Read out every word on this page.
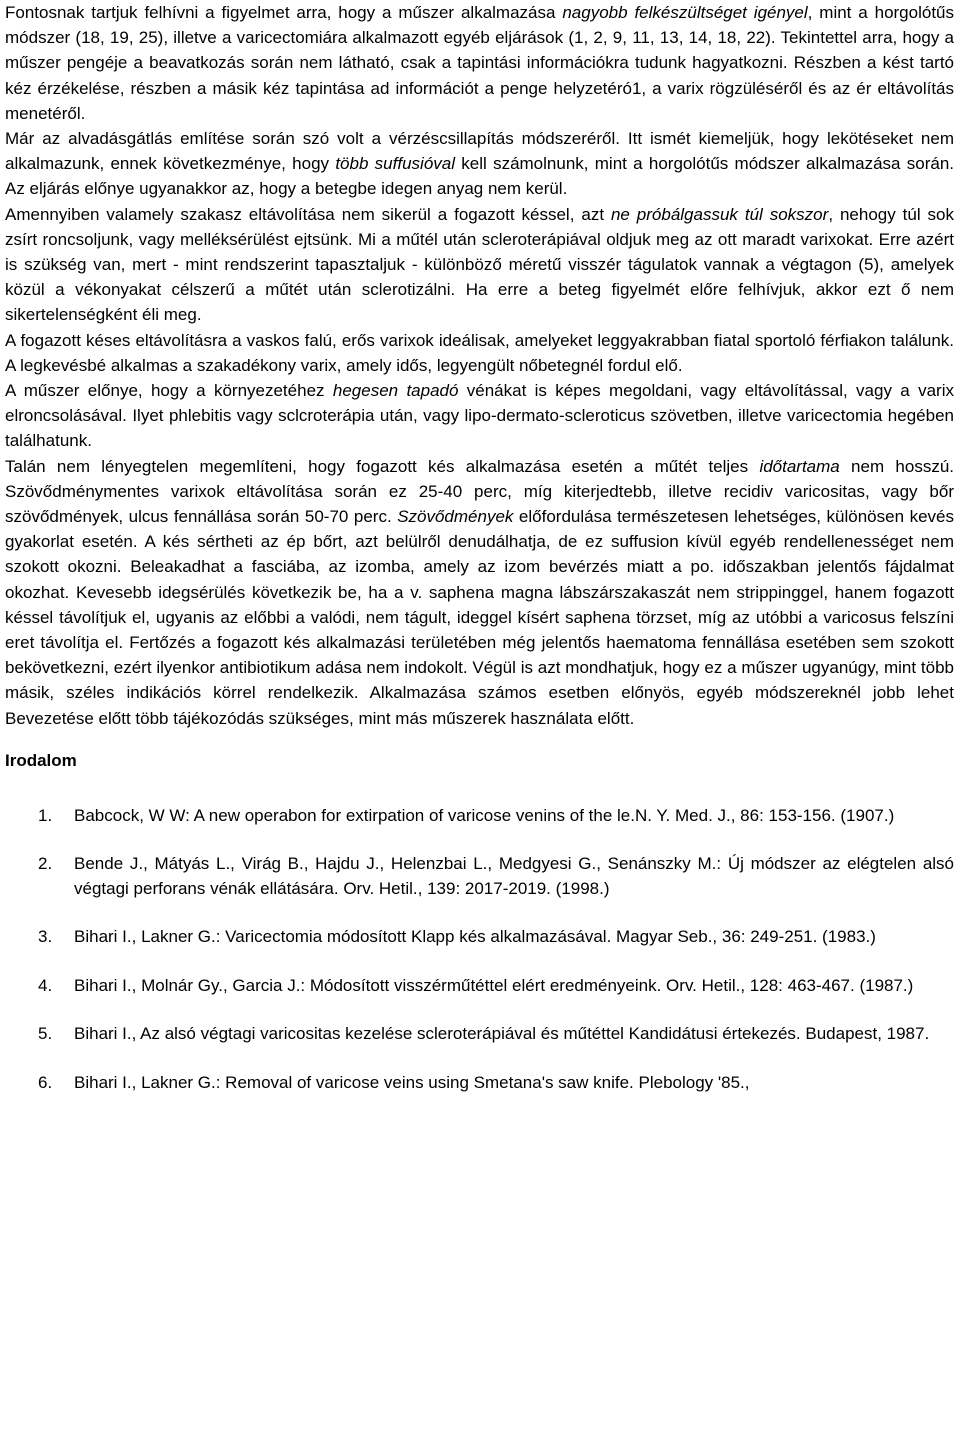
Fontosnak tartjuk felhívni a figyelmet arra, hogy a műszer alkalmazása nagyobb felkészültséget igényel, mint a horgolótűs módszer (18, 19, 25), illetve a varicectomiára alkalmazott egyéb eljárások (1, 2, 9, 11, 13, 14, 18, 22). Tekintettel arra, hogy a műszer pengéje a beavatkozás során nem látható, csak a tapintási információkra tudunk hagyatkozni. Részben a kést tartó kéz érzékelése, részben a másik kéz tapintása ad információt a penge helyzetéró1, a varix rögzüléséről és az ér eltávolítás menetéről.

Már az alvadásgátlás említése során szó volt a vérzéscsillapítás módszeréről. Itt ismét kiemeljük, hogy lekötéseket nem alkalmazunk, ennek következménye, hogy több suffusióval kell számolnunk, mint a horgolótűs módszer alkalmazása során. Az eljárás előnye ugyanakkor az, hogy a betegbe idegen anyag nem kerül.

Amennyiben valamely szakasz eltávolítása nem sikerül a fogazott késsel, azt ne próbálgassuk túl sokszor, nehogy túl sok zsírt roncsoljunk, vagy melléksérülést ejtsünk. Mi a műtél után scleroterápiával oldjuk meg az ott maradt varixokat. Erre azért is szükség van, mert - mint rendszerint tapasztaljuk - különböző méretű visszér tágulatok vannak a végtagon (5), amelyek közül a vékonyakat célszerű a műtét után sclerotizálni. Ha erre a beteg figyelmét előre felhívjuk, akkor ezt ő nem sikertelenségként éli meg.

A fogazott késes eltávolításra a vaskos falú, erős varixok ideálisak, amelyeket leggyakrabban fiatal sportoló férfiakon találunk. A legkevésbé alkalmas a szakadékony varix, amely idős, legyengült nőbetegnél fordul elő.

A műszer előnye, hogy a környezetéhez hegesen tapadó vénákat is képes megoldani, vagy eltávolítással, vagy a varix elroncsolásával. Ilyet phlebitis vagy sclcroterápia után, vagy lipo-dermato-scleroticus szövetben, illetve varicectomia hegében találhatunk.

Talán nem lényegtelen megemlíteni, hogy fogazott kés alkalmazása esetén a műtét teljes időtartama nem hosszú. Szövődménymentes varixok eltávolítása során ez 25-40 perc, míg kiterjedtebb, illetve recidiv varicositas, vagy bőr szövődmények, ulcus fennállása során 50-70 perc. Szövődmények előfordulása természetesen lehetséges, különösen kevés gyakorlat esetén. A kés sértheti az ép bőrt, azt belülről denudálhatja, de ez suffusion kívül egyéb rendellenességet nem szokott okozni. Beleakadhat a fasciába, az izomba, amely az izom bevérzés miatt a po. időszakban jelentős fájdalmat okozhat. Kevesebb idegsérülés következik be, ha a v. saphena magna lábszárszakaszát nem strippinggel, hanem fogazott késsel távolítjuk el, ugyanis az előbbi a valódi, nem tágult, ideggel kísért saphena törzset, míg az utóbbi a varicosus felszíni eret távolítja el. Fertőzés a fogazott kés alkalmazási területében még jelentős haematoma fennállása esetében sem szokott bekövetkezni, ezért ilyenkor antibiotikum adása nem indokolt. Végül is azt mondhatjuk, hogy ez a műszer ugyanúgy, mint több másik, széles indikációs körrel rendelkezik. Alkalmazása számos esetben előnyös, egyéb módszereknél jobb lehet Bevezetése előtt több tájékozódás szükséges, mint más műszerek használata előtt.

Irodalom
1.	Babcock, W W: A new operabon for extirpation of varicose venins of the le.N. Y. Med. J., 86: 153-156. (1907.)
2.	Bende J., Mátyás L., Virág B., Hajdu J., Helenzbai L., Medgyesi G., Senánszky M.: Új módszer az elégtelen alsó végtagi perforans vénák ellátására. Orv. Hetil., 139: 2017-2019. (1998.)
3.	Bihari I., Lakner G.: Varicectomia módosított Klapp kés alkalmazásával. Magyar Seb., 36: 249-251. (1983.)
4.	Bihari I., Molnár Gy., Garcia J.: Módosított visszérműtéttel elért eredményeink. Orv. Hetil., 128: 463-467. (1987.)
5.	Bihari I., Az alsó végtagi varicositas kezelése scleroterápiával és műtéttel Kandidátusi értekezés. Budapest, 1987.
6.	Bihari I., Lakner G.: Removal of varicose veins using Smetana's saw knife. Plebology '85.,
